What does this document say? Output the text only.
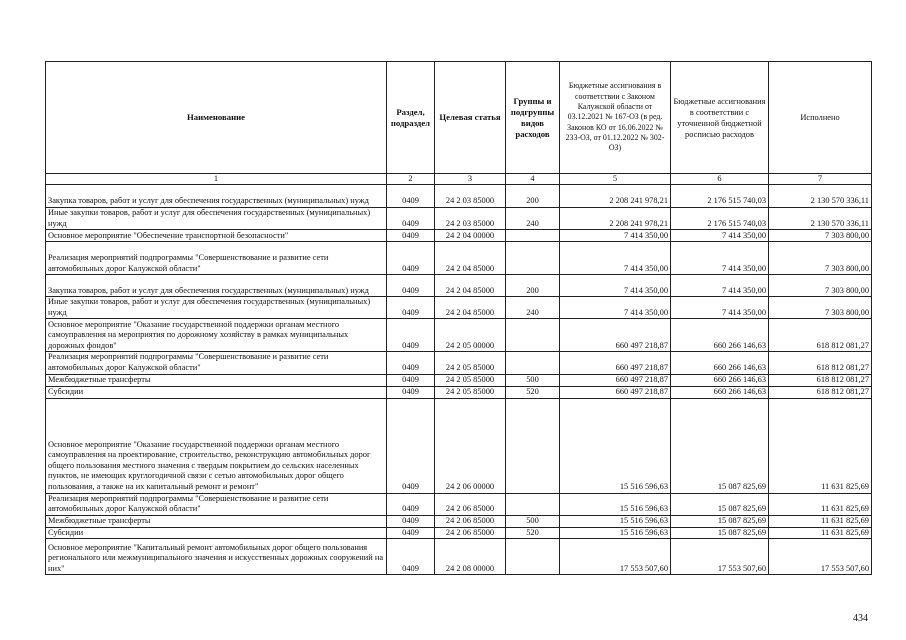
Наименование	Раздел, подраздел	Целевая статья	Группы и подгруппы видов расходов	Бюджетные ассигнования в соответствии с Законом Калужской области от 03.12.2021 № 167-ОЗ (в ред. Законов КО от 16.06.2022 № 233-ОЗ, от 01.12.2022 № 302-ОЗ)	Бюджетные ассигнования в соответствии с уточненной бюджетной росписью расходов	Исполнено
1	2	3	4	5	6	7
Закупка товаров, работ и услуг для обеспечения государственных (муниципальных) нужд	0409	24 2 03 85000	200	2 208 241 978,21	2 176 515 740,03	2 130 570 336,11
Иные закупки товаров, работ и услуг для обеспечения государственных (муниципальных) нужд	0409	24 2 03 85000	240	2 208 241 978,21	2 176 515 740,03	2 130 570 336,11
Основное мероприятие "Обеспечение транспортной безопасности"	0409	24 2 04 00000		7 414 350,00	7 414 350,00	7 303 800,00
Реализация мероприятий подпрограммы "Совершенствование и развитие сети автомобильных дорог Калужской области"	0409	24 2 04 85000		7 414 350,00	7 414 350,00	7 303 800,00
Закупка товаров, работ и услуг для обеспечения государственных (муниципальных) нужд	0409	24 2 04 85000	200	7 414 350,00	7 414 350,00	7 303 800,00
Иные закупки товаров, работ и услуг для обеспечения государственных (муниципальных) нужд	0409	24 2 04 85000	240	7 414 350,00	7 414 350,00	7 303 800,00
Основное мероприятие "Оказание государственной поддержки органам местного самоуправления на мероприятия по дорожному хозяйству в рамках муниципальных дорожных фондов"	0409	24 2 05 00000		660 497 218,87	660 266 146,63	618 812 081,27
Реализация мероприятий подпрограммы "Совершенствование и развитие сети автомобильных дорог Калужской области"	0409	24 2 05 85000		660 497 218,87	660 266 146,63	618 812 081,27
Межбюджетные трансферты	0409	24 2 05 85000	500	660 497 218,87	660 266 146,63	618 812 081,27
Субсидии	0409	24 2 05 85000	520	660 497 218,87	660 266 146,63	618 812 081,27
Основное мероприятие "Оказание государственной поддержки органам местного самоуправления на проектирование, строительство, реконструкцию автомобильных дорог общего пользования местного значения с твердым покрытием до сельских населенных пунктов, не имеющих круглогодичной связи с сетью автомобильных дорог общего пользования, а также на их капитальный ремонт и ремонт"	0409	24 2 06 00000		15 516 596,63	15 087 825,69	11 631 825,69
Реализация мероприятий подпрограммы "Совершенствование и развитие сети автомобильных дорог Калужской области"	0409	24 2 06 85000		15 516 596,63	15 087 825,69	11 631 825,69
Межбюджетные трансферты	0409	24 2 06 85000	500	15 516 596,63	15 087 825,69	11 631 825,69
Субсидии	0409	24 2 06 85000	520	15 516 596,63	15 087 825,69	11 631 825,69
Основное мероприятие "Капитальный ремонт автомобильных дорог общего пользования регионального или межмуниципального значения и искусственных дорожных сооружений на них"	0409	24 2 08 00000		17 553 507,60	17 553 507,60	17 553 507,60
434
